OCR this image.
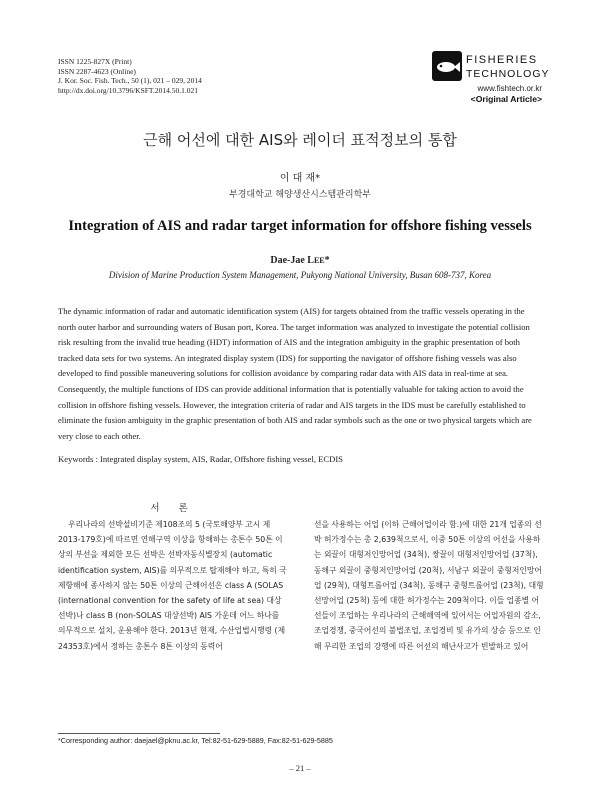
ISSN 1225-827X (Print)
ISSN 2287-4623 (Online)
J. Kor. Soc. Fish. Tech., 50 (1), 021 – 029, 2014
http://dx.doi.org/10.3796/KSFT.2014.50.1.021
FISHERIES
TECHNOLOGY
www.fishtech.or.kr
<Original Article>
근해 어선에 대한 AIS와 레이더 표적정보의 통합
이 대 재*
부경대학교 해양생산시스템관리학부
Integration of AIS and radar target information for offshore fishing vessels
Dae-Jae LEE*
Division of Marine Production System Management, Pukyong National University, Busan 608-737, Korea
The dynamic information of radar and automatic identification system (AIS) for targets obtained from the traffic vessels operating in the north outer harbor and surrounding waters of Busan port, Korea. The target information was analyzed to investigate the potential collision risk resulting from the invalid true heading (HDT) information of AIS and the integration ambiguity in the graphic presentation of both tracked data sets for two systems. An integrated display system (IDS) for supporting the navigator of offshore fishing vessels was also developed to find possible maneuvering solutions for collision avoidance by comparing radar data with AIS data in real-time at sea. Consequently, the multiple functions of IDS can provide additional information that is potentially valuable for taking action to avoid the collision in offshore fishing vessels. However, the integration criteria of radar and AIS targets in the IDS must be carefully established to eliminate the fusion ambiguity in the graphic presentation of both AIS and radar symbols such as the one or two physical targets which are very close to each other.
Keywords : Integrated display system, AIS, Radar, Offshore fishing vessel, ECDIS
서 론
우리나라의 선박설비기준 제108조의 5 (국토해양부 고시 제2013-179호)에 따르면 연해구역 이상을 항해하는 총톤수 50톤 이상의 부선을 제외한 모든 선박은 선박자동식별장치 (automatic identification system, AIS)를 의무적으로 탑재해야 하고, 특히 국제항해에 종사하지 않는 50톤 이상의 근해어선은 class A (SOLAS (international convention for the safety of life at sea) 대상선박)나 class B (non-SOLAS 대상선박) AIS 가운데 어느 하나를 의무적으로 설치, 운용해야 한다. 2013년 현재, 수산업법시행령 (제24353호)에서 정하는 총톤수 8톤 이상의 동력어
선을 사용하는 어업 (이하 근해어업이라 함.)에 대한 21개 업종의 선박 허가정수는 총 2,639척으로서, 이중 50톤 이상의 어선을 사용하는 외끌이 대형저인망어업 (34척), 쌍끌이 대형저인망어업 (37척), 동해구 외끌이 중형저인망어업 (20척), 서남구 외끌이 중형저인망어업 (29척), 대형트롤어업 (34척), 동해구 중형트롤어업 (23척), 대형선망어업 (25척) 등에 대한 허가정수는 209척이다. 이들 업종별 어선들이 조업하는 우리나라의 근해해역에 있어서는 어업자원의 감소, 조업경쟁, 중국어선의 불법조업, 조업경비 및 유가의 상승 등으로 인해 무리한 조업의 강행에 따른 어선의 해난사고가 빈발하고 있어
*Corresponding author: daejael@pknu.ac.kr, Tel:82-51-629-5889, Fax:82-51-629-5885
– 21 –
